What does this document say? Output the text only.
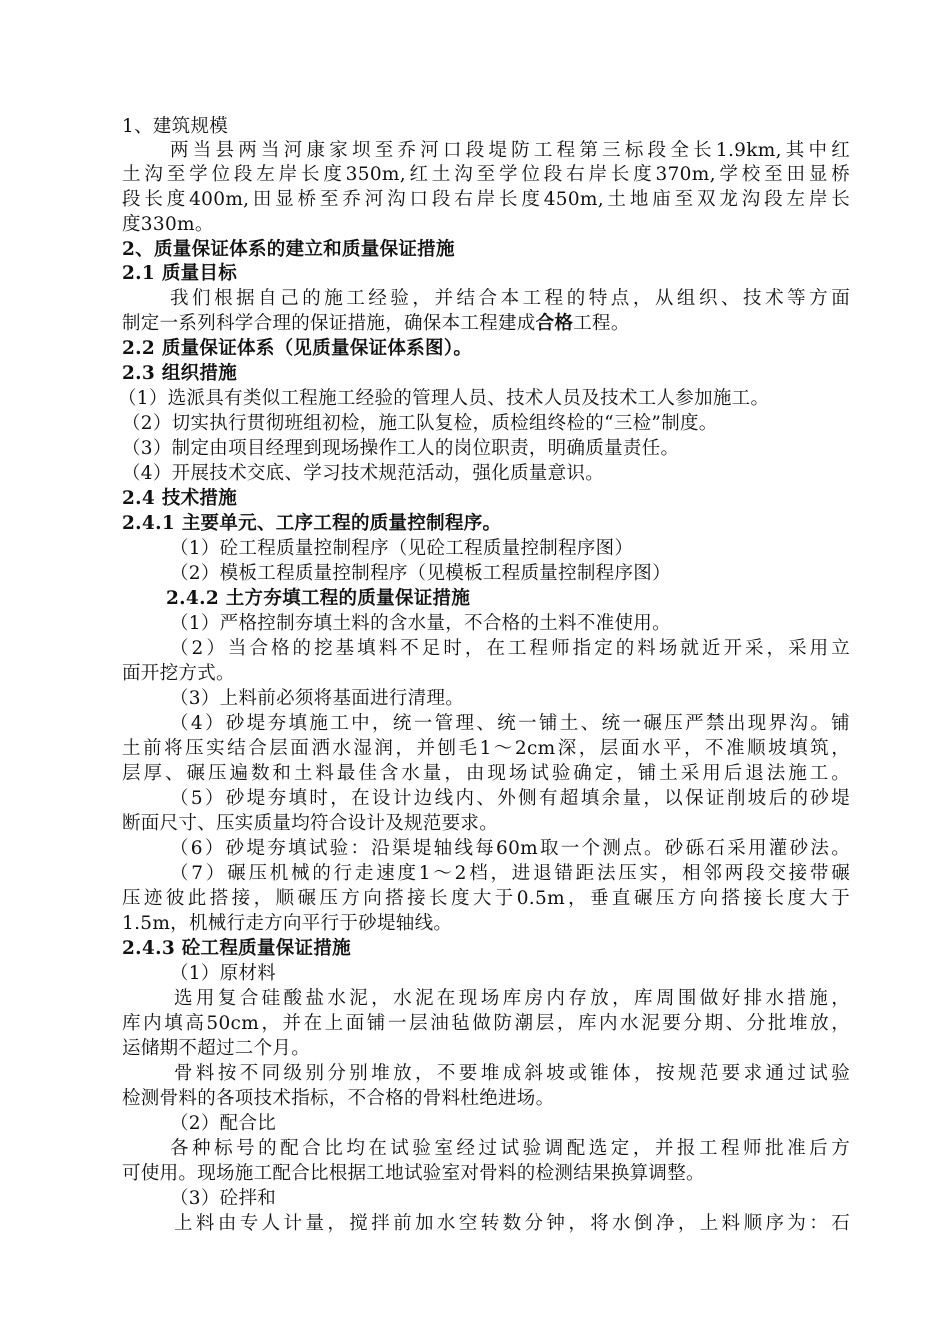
1、建筑规模
两当县两当河康家坝至乔河口段堤防工程第三标段全长1.9km,其中红
土沟至学位段左岸长度350m,红土沟至学位段右岸长度370m,学校至田显桥
段长度400m,田显桥至乔河沟口段右岸长度450m,土地庙至双龙沟段左岸长
度330m。
2、质量保证体系的建立和质量保证措施
2.1 质量目标
我们根据自己的施工经验，并结合本工程的特点，从组织、技术等方面
制定一系列科学合理的保证措施，确保本工程建成合格工程。
2.2 质量保证体系（见质量保证体系图）。
2.3 组织措施
（1）选派具有类似工程施工经验的管理人员、技术人员及技术工人参加施工。
（2）切实执行贯彻班组初检，施工队复检，质检组终检的“三检”制度。
（3）制定由项目经理到现场操作工人的岗位职责，明确质量责任。
（4）开展技术交底、学习技术规范活动，强化质量意识。
2.4 技术措施
2.4.1 主要单元、工序工程的质量控制程序。
（1）砼工程质量控制程序（见砼工程质量控制程序图）
（2）模板工程质量控制程序（见模板工程质量控制程序图）
2.4.2 土方夯填工程的质量保证措施
（1）严格控制夯填土料的含水量，不合格的土料不准使用。
（2）当合格的挖基填料不足时，在工程师指定的料场就近开采，采用立
面开挖方式。
（3）上料前必须将基面进行清理。
（4）砂堤夯填施工中，统一管理、统一铺土、统一碾压严禁出现界沟。铺
土前将压实结合层面洒水湿润，并刨毛1～2cm深，层面水平，不准顺坡填筑，
层厚、碾压遍数和土料最佳含水量，由现场试验确定，铺土采用后退法施工。
（5）砂堤夯填时，在设计边线内、外侧有超填余量，以保证削坡后的砂堤
断面尺寸、压实质量均符合设计及规范要求。
（6）砂堤夯填试验：沿渠堤轴线每60m取一个测点。砂砾石采用灌砂法。
（7）碾压机械的行走速度1～2档，进退错距法压实，相邻两段交接带碾
压迹彼此搭接，顺碾压方向搭接长度大于0.5m，垂直碾压方向搭接长度大于
1.5m，机械行走方向平行于砂堤轴线。
2.4.3 砼工程质量保证措施
（1）原材料
选用复合硅酸盐水泥，水泥在现场库房内存放，库周围做好排水措施，
库内填高50cm，并在上面铺一层油毡做防潮层，库内水泥要分期、分批堆放，
运储期不超过二个月。
骨料按不同级别分别堆放，不要堆成斜坡或锥体，按规范要求通过试验
检测骨料的各项技术指标，不合格的骨料杜绝进场。
（2）配合比
各种标号的配合比均在试验室经过试验调配选定，并报工程师批准后方
可使用。现场施工配合比根据工地试验室对骨料的检测结果换算调整。
（3）砼拌和
上料由专人计量，搅拌前加水空转数分钟，将水倒净，上料顺序为：石
